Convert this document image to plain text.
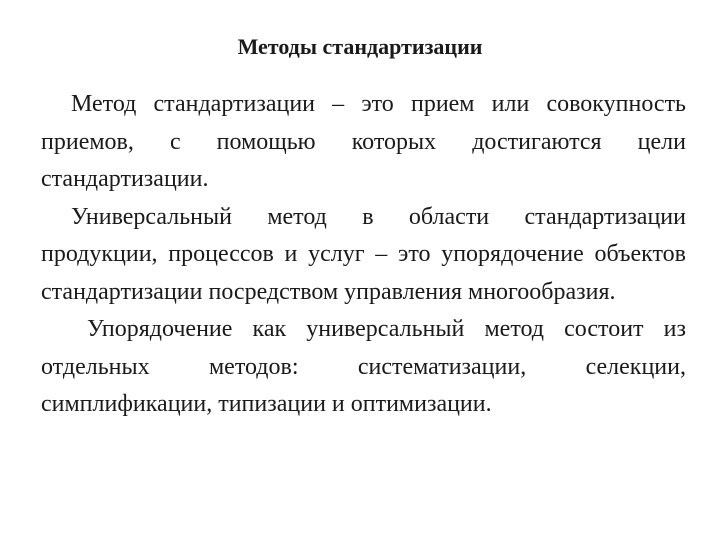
Методы стандартизации

Метод стандартизации – это прием или совокупность приемов, с помощью которых достигаются цели стандартизации.

Универсальный метод в области стандартизации продукции, процессов и услуг – это упорядочение объектов стандартизации посредством управления многообразия.

Упорядочение как универсальный метод состоит из отдельных методов: систематизации, селекции, симплификации, типизации и оптимизации.
